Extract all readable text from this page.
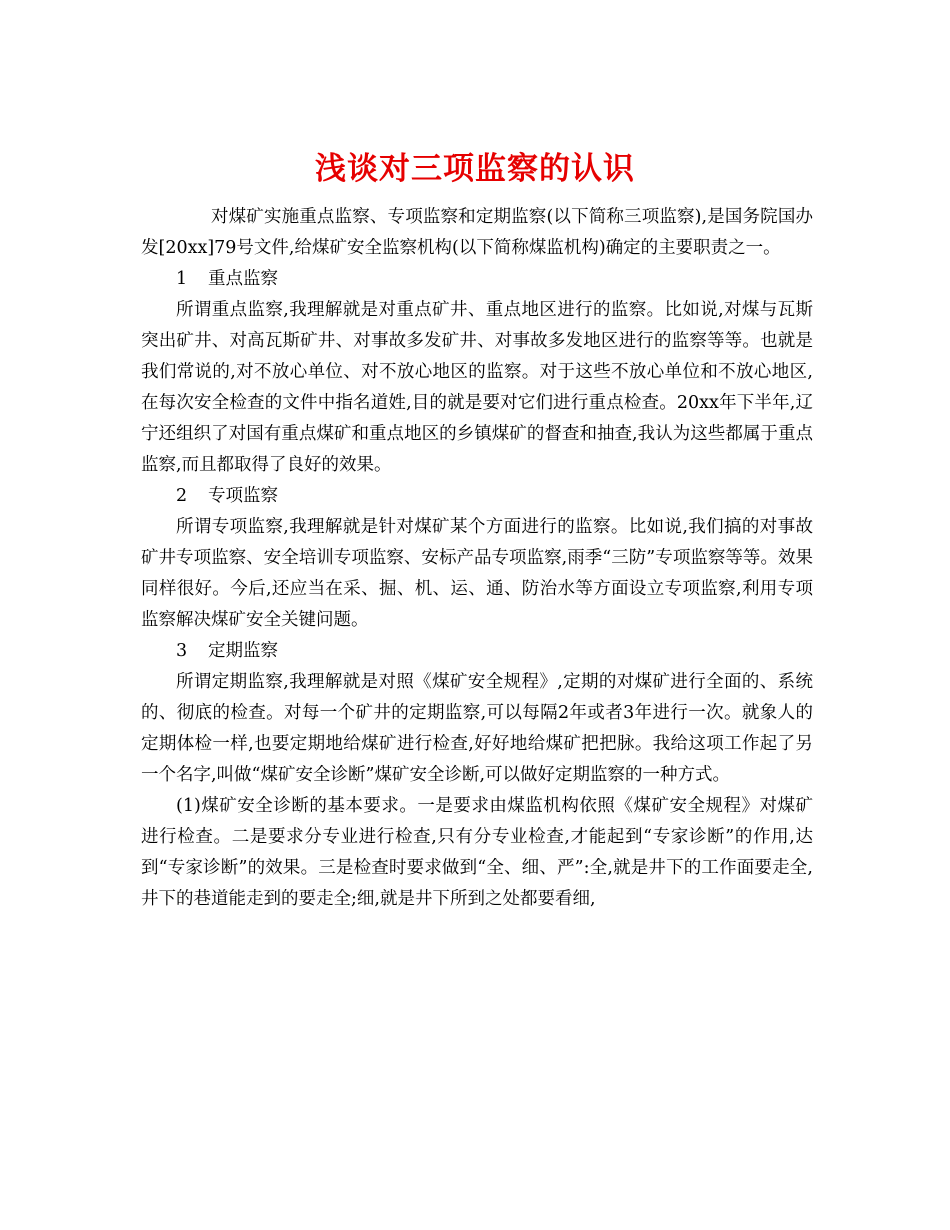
浅谈对三项监察的认识

对煤矿实施重点监察、专项监察和定期监察(以下简称三项监察),是国务院国办发[20xx]79号文件,给煤矿安全监察机构(以下简称煤监机构)确定的主要职责之一。

1 重点监察

所谓重点监察,我理解就是对重点矿井、重点地区进行的监察。比如说,对煤与瓦斯突出矿井、对高瓦斯矿井、对事故多发矿井、对事故多发地区进行的监察等等。也就是我们常说的,对不放心单位、对不放心地区的监察。对于这些不放心单位和不放心地区,在每次安全检查的文件中指名道姓,目的就是要对它们进行重点检查。20xx年下半年,辽宁还组织了对国有重点煤矿和重点地区的乡镇煤矿的督查和抽查,我认为这些都属于重点监察,而且都取得了良好的效果。

2 专项监察

所谓专项监察,我理解就是针对煤矿某个方面进行的监察。比如说,我们搞的对事故矿井专项监察、安全培训专项监察、安标产品专项监察,雨季“三防”专项监察等等。效果同样很好。今后,还应当在采、掘、机、运、通、防治水等方面设立专项监察,利用专项监察解决煤矿安全关键问题。

3 定期监察

所谓定期监察,我理解就是对照《煤矿安全规程》,定期的对煤矿进行全面的、系统的、彻底的检查。对每一个矿井的定期监察,可以每隔2年或者3年进行一次。就象人的定期体检一样,也要定期地给煤矿进行检查,好好地给煤矿把把脉。我给这项工作起了另一个名字,叫做“煤矿安全诊断”煤矿安全诊断,可以做好定期监察的一种方式。

(1)煤矿安全诊断的基本要求。一是要求由煤监机构依照《煤矿安全规程》对煤矿进行检查。二是要求分专业进行检查,只有分专业检查,才能起到“专家诊断”的作用,达到“专家诊断”的效果。三是检查时要求做到“全、细、严”:全,就是井下的工作面要走全,井下的巷道能走到的要走全;细,就是井下所到之处都要看细,
